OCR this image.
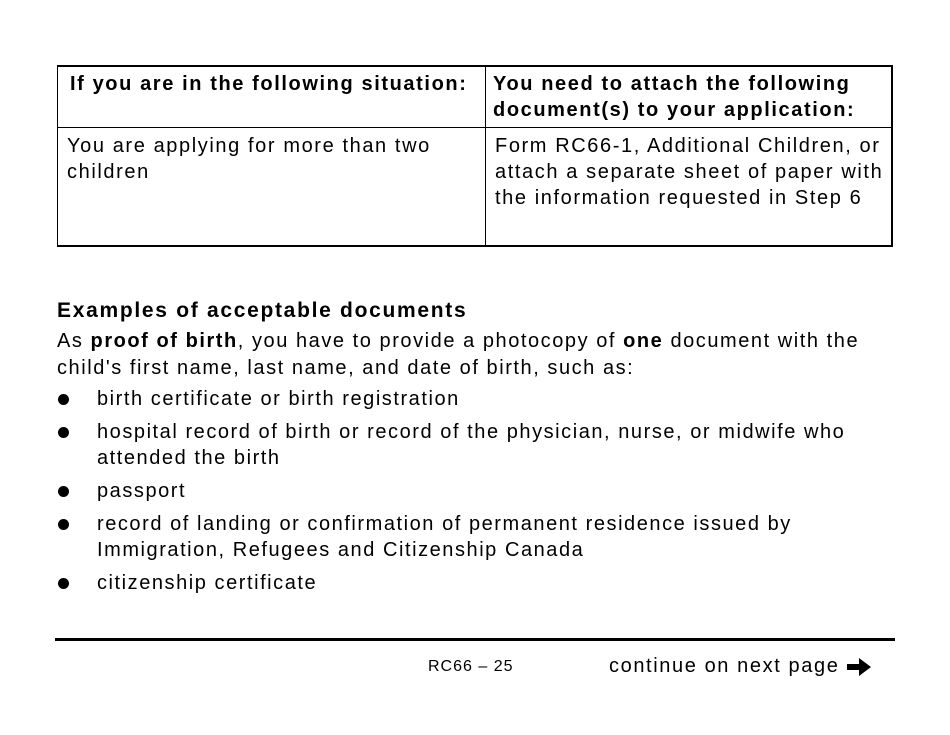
If you are in the following situation:	You need to attach the following document(s) to your application:
You are applying for more than two children	Form RC66-1, Additional Children, or attach a separate sheet of paper with the information requested in Step 6
Examples of acceptable documents

As proof of birth, you have to provide a photocopy of one document with the child's first name, last name, and date of birth, such as:

birth certificate or birth registration
hospital record of birth or record of the physician, nurse, or midwife who attended the birth
passport
record of landing or confirmation of permanent residence issued by Immigration, Refugees and Citizenship Canada
citizenship certificate
RC66 – 25	continue on next page
